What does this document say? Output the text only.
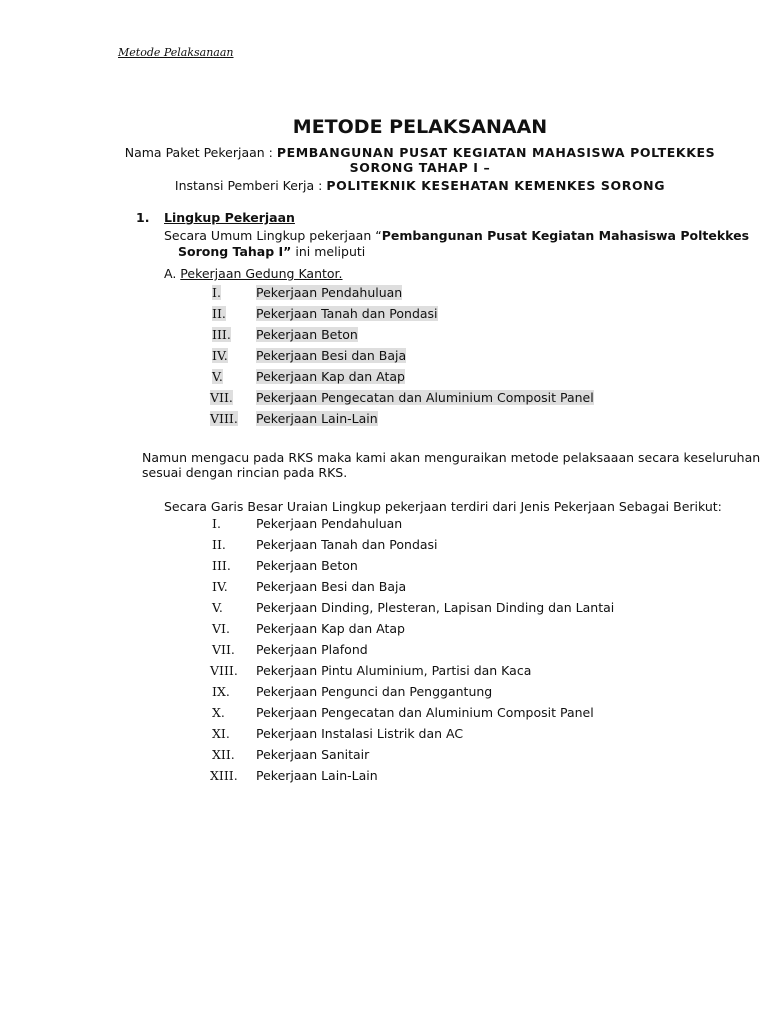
Metode Pelaksanaan
METODE PELAKSANAAN
Nama Paket Pekerjaan : PEMBANGUNAN PUSAT KEGIATAN MAHASISWA POLTEKKES
SORONG TAHAP I –
Instansi Pemberi Kerja : POLITEKNIK KESEHATAN KEMENKES SORONG
1. Lingkup Pekerjaan
Secara Umum Lingkup pekerjaan “Pembangunan Pusat Kegiatan Mahasiswa Poltekkes
Sorong Tahap I” ini meliputi
A. Pekerjaan Gedung Kantor.
I.	Pekerjaan Pendahuluan
II. Pekerjaan Tanah dan Pondasi
III. Pekerjaan Beton
IV. Pekerjaan Besi dan Baja
V.	Pekerjaan Kap dan Atap
VII. Pekerjaan Pengecatan dan Aluminium Composit Panel
VIII. Pekerjaan Lain-Lain
Namun mengacu pada RKS maka kami akan menguraikan metode pelaksaaan secara keseluruhan
sesuai dengan rincian pada RKS.
Secara Garis Besar Uraian Lingkup pekerjaan terdiri dari Jenis Pekerjaan Sebagai Berikut:
I.	Pekerjaan Pendahuluan
II. Pekerjaan Tanah dan Pondasi
III. Pekerjaan Beton
IV. Pekerjaan Besi dan Baja
V.	Pekerjaan Dinding, Plesteran, Lapisan Dinding dan Lantai
VI. Pekerjaan Kap dan Atap
VII. Pekerjaan Plafond
VIII. Pekerjaan Pintu Aluminium, Partisi dan Kaca
IX. Pekerjaan Pengunci dan Penggantung
X. Pekerjaan Pengecatan dan Aluminium Composit Panel
XI. Pekerjaan Instalasi Listrik dan AC
XII. Pekerjaan Sanitair
XIII. Pekerjaan Lain-Lain
